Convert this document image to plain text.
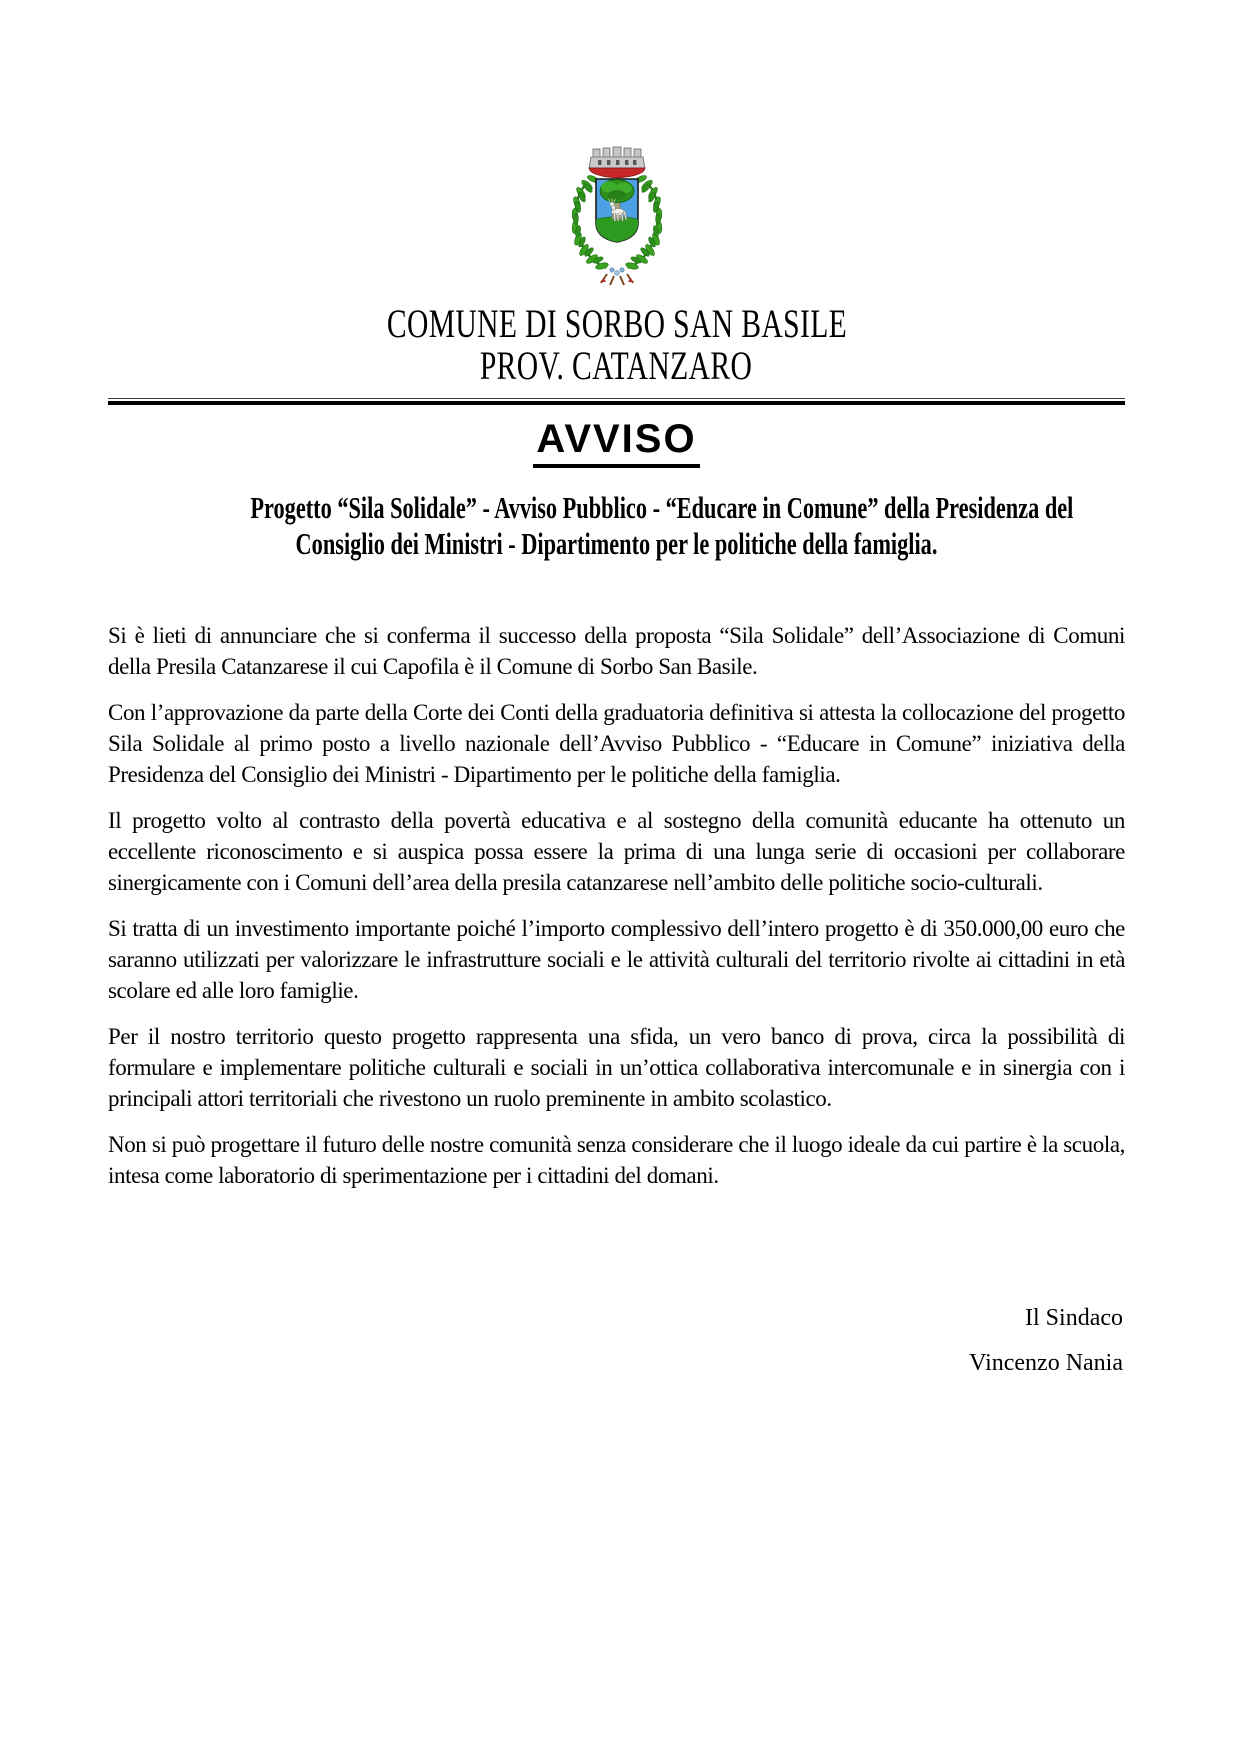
COMUNE DI SORBO SAN BASILE
PROV. CATANZARO
AVVISO
Progetto “Sila Solidale” - Avviso Pubblico - “Educare in Comune” della Presidenza del
Consiglio dei Ministri - Dipartimento per le politiche della famiglia.

Si è lieti di annunciare che si conferma il successo della proposta “Sila Solidale” dell’Associazione di Comuni della Presila Catanzarese il cui Capofila è il Comune di Sorbo San Basile.

Con l’approvazione da parte della Corte dei Conti della graduatoria definitiva si attesta la collocazione del progetto Sila Solidale al primo posto a livello nazionale dell’Avviso Pubblico - “Educare in Comune” iniziativa della Presidenza del Consiglio dei Ministri - Dipartimento per le politiche della famiglia.

Il progetto volto al contrasto della povertà educativa e al sostegno della comunità educante ha ottenuto un eccellente riconoscimento e si auspica possa essere la prima di una lunga serie di occasioni per collaborare sinergicamente con i Comuni dell’area della presila catanzarese nell’ambito delle politiche socio-culturali.

Si tratta di un investimento importante poiché l’importo complessivo dell’intero progetto è di 350.000,00 euro che saranno utilizzati per valorizzare le infrastrutture sociali e le attività culturali del territorio rivolte ai cittadini in età scolare ed alle loro famiglie.

Per il nostro territorio questo progetto rappresenta una sfida, un vero banco di prova, circa la possibilità di formulare e implementare politiche culturali e sociali in un’ottica collaborativa intercomunale e in sinergia con i principali attori territoriali che rivestono un ruolo preminente in ambito scolastico.

Non si può progettare il futuro delle nostre comunità senza considerare che il luogo ideale da cui partire è la scuola, intesa come laboratorio di sperimentazione per i cittadini del domani.

Il Sindaco
Vincenzo Nania
